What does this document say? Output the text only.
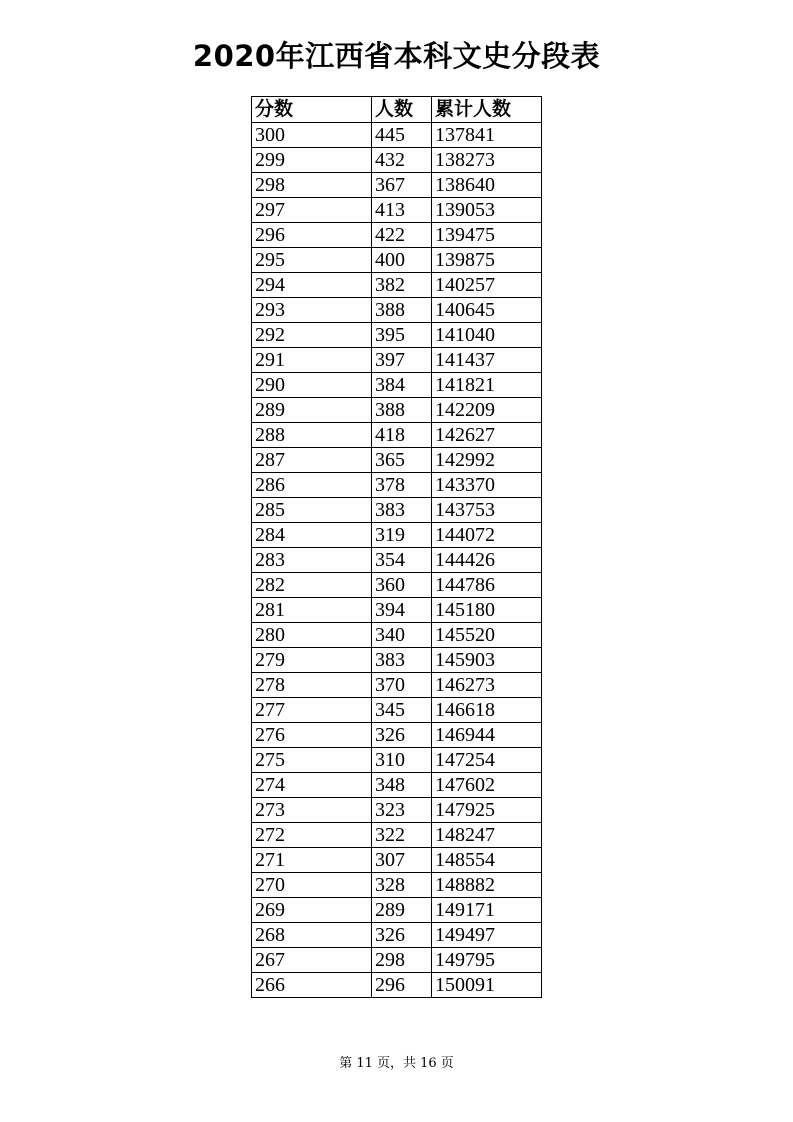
2020年江西省本科文史分段表
分数	人数	累计人数
300	445	137841
299	432	138273
298	367	138640
297	413	139053
296	422	139475
295	400	139875
294	382	140257
293	388	140645
292	395	141040
291	397	141437
290	384	141821
289	388	142209
288	418	142627
287	365	142992
286	378	143370
285	383	143753
284	319	144072
283	354	144426
282	360	144786
281	394	145180
280	340	145520
279	383	145903
278	370	146273
277	345	146618
276	326	146944
275	310	147254
274	348	147602
273	323	147925
272	322	148247
271	307	148554
270	328	148882
269	289	149171
268	326	149497
267	298	149795
266	296	150091
第 11 页，共 16 页
